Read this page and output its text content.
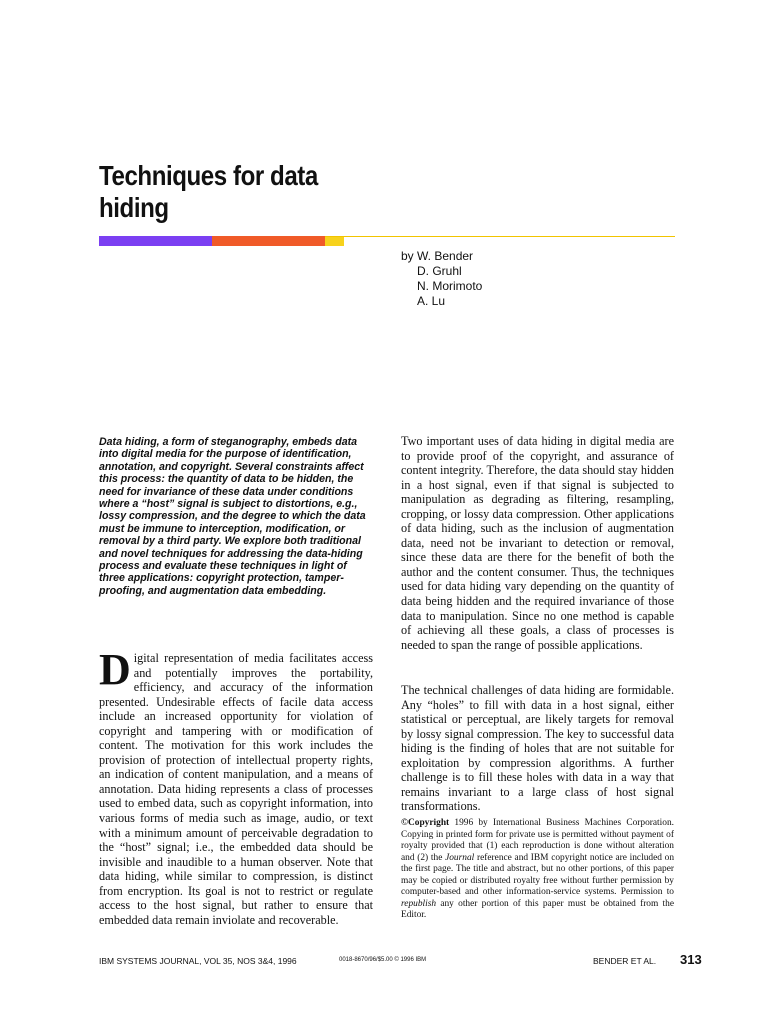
Techniques for data
hiding
by W. Bender
D. Gruhl
N. Morimoto
A. Lu
Data hiding, a form of steganography, embeds data into digital media for the purpose of identification, annotation, and copyright. Several constraints affect this process: the quantity of data to be hidden, the need for invariance of these data under conditions where a “host” signal is subject to distortions, e.g., lossy compression, and the degree to which the data must be immune to interception, modification, or removal by a third party. We explore both traditional and novel techniques for addressing the data-hiding process and evaluate these techniques in light of three applications: copyright protection, tamper-proofing, and augmentation data embedding.
Digital representation of media facilitates access and potentially improves the portability, efficiency, and accuracy of the information presented. Undesirable effects of facile data access include an increased opportunity for violation of copyright and tampering with or modification of content. The motivation for this work includes the provision of protection of intellectual property rights, an indication of content manipulation, and a means of annotation. Data hiding represents a class of processes used to embed data, such as copyright information, into various forms of media such as image, audio, or text with a minimum amount of perceivable degradation to the “host” signal; i.e., the embedded data should be invisible and inaudible to a human observer. Note that data hiding, while similar to compression, is distinct from encryption. Its goal is not to restrict or regulate access to the host signal, but rather to ensure that embedded data remain inviolate and recoverable.

Two important uses of data hiding in digital media are to provide proof of the copyright, and assurance of content integrity. Therefore, the data should stay hidden in a host signal, even if that signal is subjected to manipulation as degrading as filtering, resampling, cropping, or lossy data compression. Other applications of data hiding, such as the inclusion of augmentation data, need not be invariant to detection or removal, since these data are there for the benefit of both the author and the content consumer. Thus, the techniques used for data hiding vary depending on the quantity of data being hidden and the required invariance of those data to manipulation. Since no one method is capable of achieving all these goals, a class of processes is needed to span the range of possible applications.

The technical challenges of data hiding are formidable. Any “holes” to fill with data in a host signal, either statistical or perceptual, are likely targets for removal by lossy signal compression. The key to successful data hiding is the finding of holes that are not suitable for exploitation by compression algorithms. A further challenge is to fill these holes with data in a way that remains invariant to a large class of host signal transformations.

©Copyright 1996 by International Business Machines Corporation. Copying in printed form for private use is permitted without payment of royalty provided that (1) each reproduction is done without alteration and (2) the Journal reference and IBM copyright notice are included on the first page. The title and abstract, but no other portions, of this paper may be copied or distributed royalty free without further permission by computer-based and other information-service systems. Permission to republish any other portion of this paper must be obtained from the Editor.
IBM SYSTEMS JOURNAL, VOL 35, NOS 3&4, 1996	0018-8670/96/$5.00 © 1996 IBM	BENDER ET AL. 313
